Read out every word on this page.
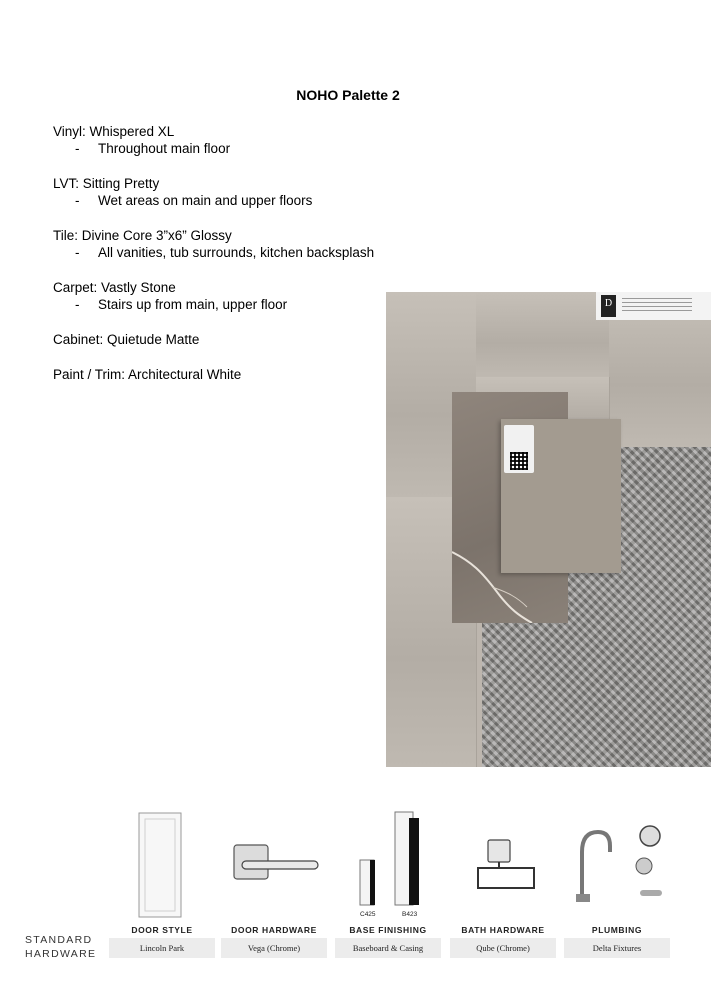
NOHO Palette 2
Vinyl: Whispered XL
- Throughout main floor
LVT: Sitting Pretty
- Wet areas on main and upper floors
Tile: Divine Core 3”x6” Glossy
- All vanities, tub surrounds, kitchen backsplash
Carpet: Vastly Stone
- Stairs up from main, upper floor
Cabinet: Quietude Matte
Paint / Trim: Architectural White
D
STANDARD
HARDWARE
C425	B423
DOOR STYLE
Lincoln Park
DOOR HARDWARE
Vega (Chrome)
BASE FINISHING
Baseboard & Casing
BATH HARDWARE
Qube (Chrome)
PLUMBING
Delta Fixtures
